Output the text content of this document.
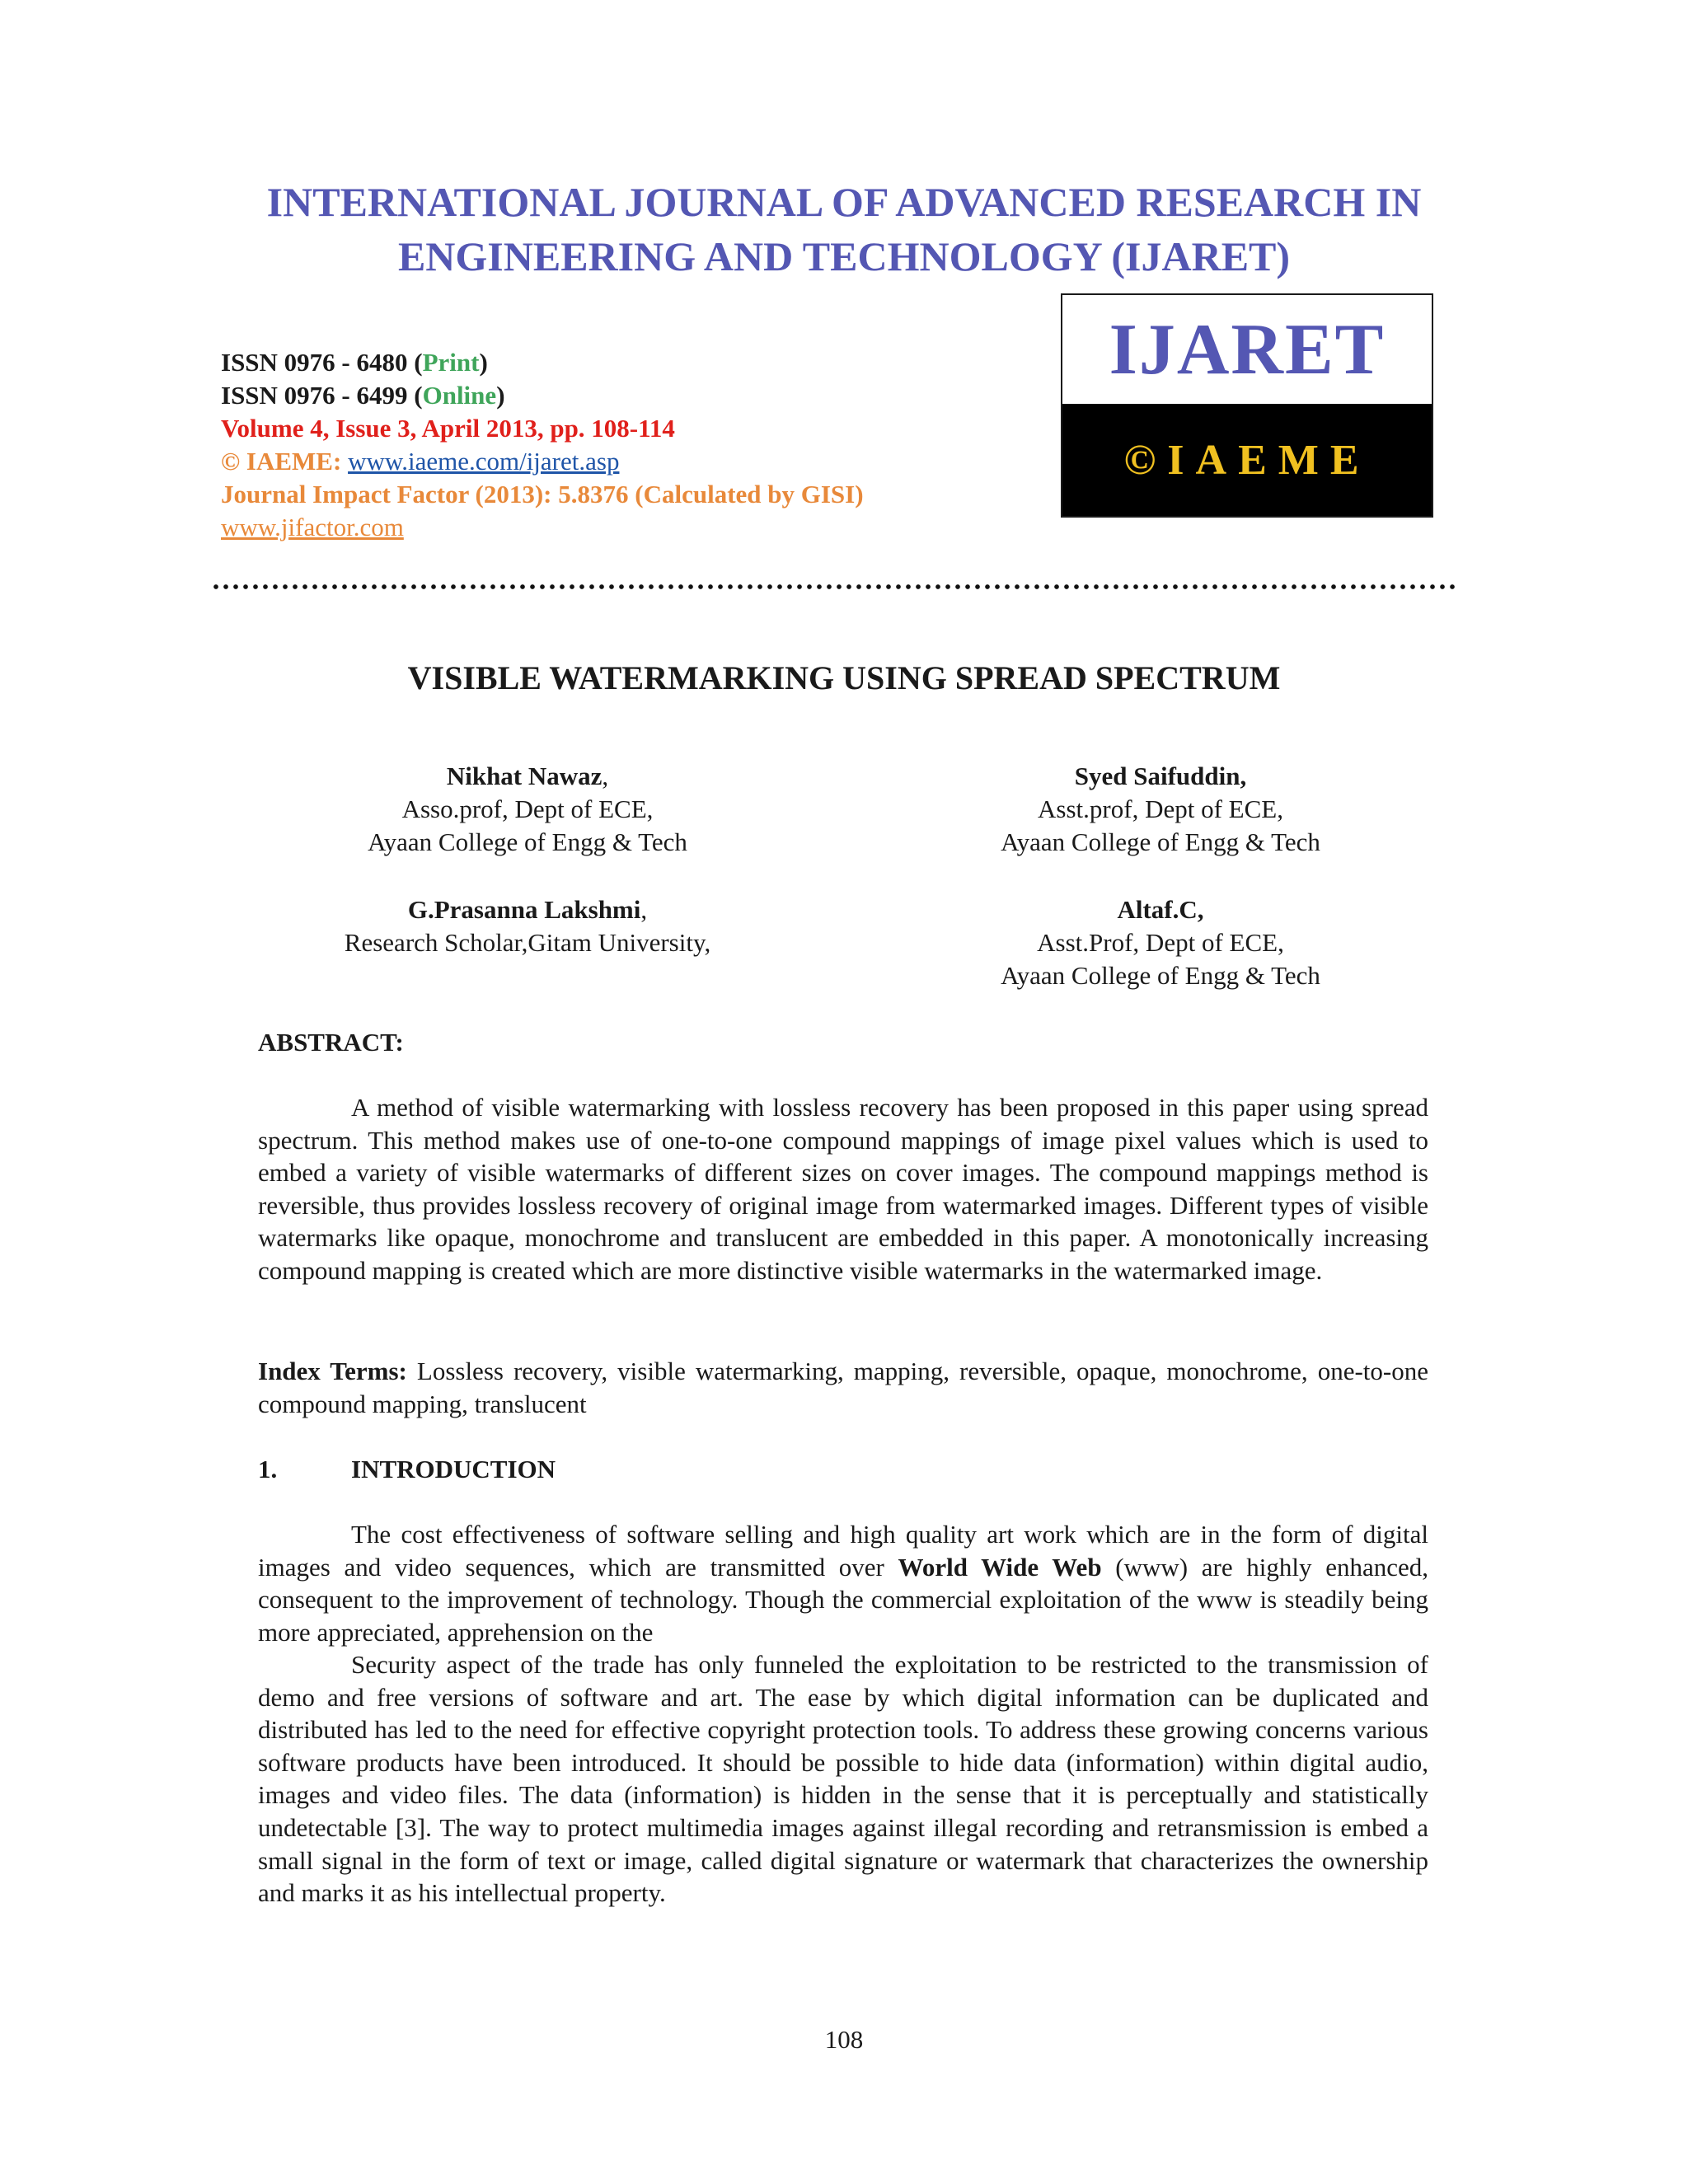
INTERNATIONAL JOURNAL OF ADVANCED RESEARCH IN
ENGINEERING AND TECHNOLOGY (IJARET)
ISSN 0976 - 6480 (Print)
ISSN 0976 - 6499 (Online)
Volume 4, Issue 3, April 2013, pp. 108-114
© IAEME: www.iaeme.com/ijaret.asp
Journal Impact Factor (2013): 5.8376 (Calculated by GISI)
www.jifactor.com
IJARET
©IAEME
VISIBLE WATERMARKING USING SPREAD SPECTRUM
Nikhat Nawaz,
Asso.prof, Dept of ECE,
Ayaan College of Engg & Tech
Syed Saifuddin,
Asst.prof, Dept of ECE,
Ayaan College of Engg & Tech
G.Prasanna Lakshmi,
Research Scholar,Gitam University,
Altaf.C,
Asst.Prof, Dept of ECE,
Ayaan College of Engg & Tech
ABSTRACT:
A method of visible watermarking with lossless recovery has been proposed in this paper using spread spectrum. This method makes use of one-to-one compound mappings of image pixel values which is used to embed a variety of visible watermarks of different sizes on cover images. The compound mappings method is reversible, thus provides lossless recovery of original image from watermarked images. Different types of visible watermarks like opaque, monochrome and translucent are embedded in this paper. A monotonically increasing compound mapping is created which are more distinctive visible watermarks in the watermarked image.
Index Terms: Lossless recovery, visible watermarking, mapping, reversible, opaque, monochrome, one-to-one compound mapping, translucent
1.	INTRODUCTION
The cost effectiveness of software selling and high quality art work which are in the form of digital images and video sequences, which are transmitted over World Wide Web (www) are highly enhanced, consequent to the improvement of technology. Though the commercial exploitation of the www is steadily being more appreciated, apprehension on the
Security aspect of the trade has only funneled the exploitation to be restricted to the transmission of demo and free versions of software and art. The ease by which digital information can be duplicated and distributed has led to the need for effective copyright protection tools. To address these growing concerns various software products have been introduced. It should be possible to hide data (information) within digital audio, images and video files. The data (information) is hidden in the sense that it is perceptually and statistically undetectable [3]. The way to protect multimedia images against illegal recording and retransmission is embed a small signal in the form of text or image, called digital signature or watermark that characterizes the ownership and marks it as his intellectual property.
108
